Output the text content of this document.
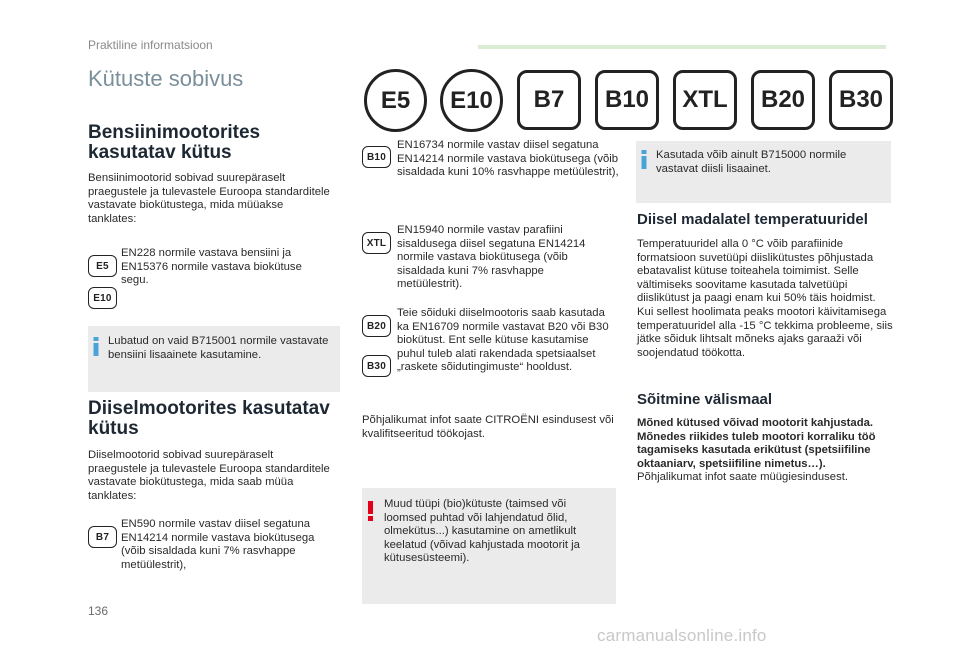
Praktiline informatsioon
Kütuste sobivus
E5	E10	B7	B10	XTL	B20	B30
Bensiinimootorites kasutatav kütus
Bensiinimootorid sobivad suurepäraselt praegustele ja tulevastele Euroopa standarditele vastavate biokütustega, mida müüakse tanklates:
E5
E10
EN228 normile vastava bensiini ja EN15376 normile vastava biokütuse segu.
Lubatud on vaid B715001 normile vastavate bensiini lisaainete kasutamine.
Diiselmootorites kasutatav kütus
Diiselmootorid sobivad suurepäraselt praegustele ja tulevastele Euroopa standarditele vastavate biokütustega, mida saab müüa tanklates:
B7
EN590 normile vastav diisel segatuna EN14214 normile vastava biokütusega (võib sisaldada kuni 7% rasvhappe metüülestrit),
B10
EN16734 normile vastav diisel segatuna EN14214 normile vastava biokütusega (võib sisaldada kuni 10% rasvhappe metüülestrit),
XTL
EN15940 normile vastav parafiini sisaldusega diisel segatuna EN14214 normile vastava biokütusega (võib sisaldada kuni 7% rasvhappe metüülestrit).
B20
B30
Teie sõiduki diiselmootoris saab kasutada ka EN16709 normile vastavat B20 või B30 biokütust. Ent selle kütuse kasutamise puhul tuleb alati rakendada spetsiaalset „raskete sõidutingimuste“ hooldust.
Põhjalikumat infot saate CITROËNI esindusest või kvalifitseeritud töökojast.
Muud tüüpi (bio)kütuste (taimsed või loomsed puhtad või lahjendatud õlid, olmekütus...) kasutamine on ametlikult keelatud (võivad kahjustada mootorit ja kütusesüsteemi).
Kasutada võib ainult B715000 normile vastavat diisli lisaainet.
Diisel madalatel temperatuuridel
Temperatuuridel alla 0 °C võib parafiinide formatsioon suvetüüpi diislikütustes põhjustada ebatavalist kütuse toiteahela toimimist. Selle vältimiseks soovitame kasutada talvetüüpi diislikütust ja paagi enam kui 50% täis hoidmist. Kui sellest hoolimata peaks mootori käivitamisega temperatuuridel alla -15 °C tekkima probleeme, siis jätke sõiduk lihtsalt mõneks ajaks garaaži või soojendatud töökotta.
Sõitmine välismaal
Mõned kütused võivad mootorit kahjustada. Mõnedes riikides tuleb mootori korraliku töö tagamiseks kasutada erikütust (spetsiifiline oktaaniarv, spetsiifiline nimetus…).
Põhjalikumat infot saate müügiesindusest.
136
carmanualsonline.info
